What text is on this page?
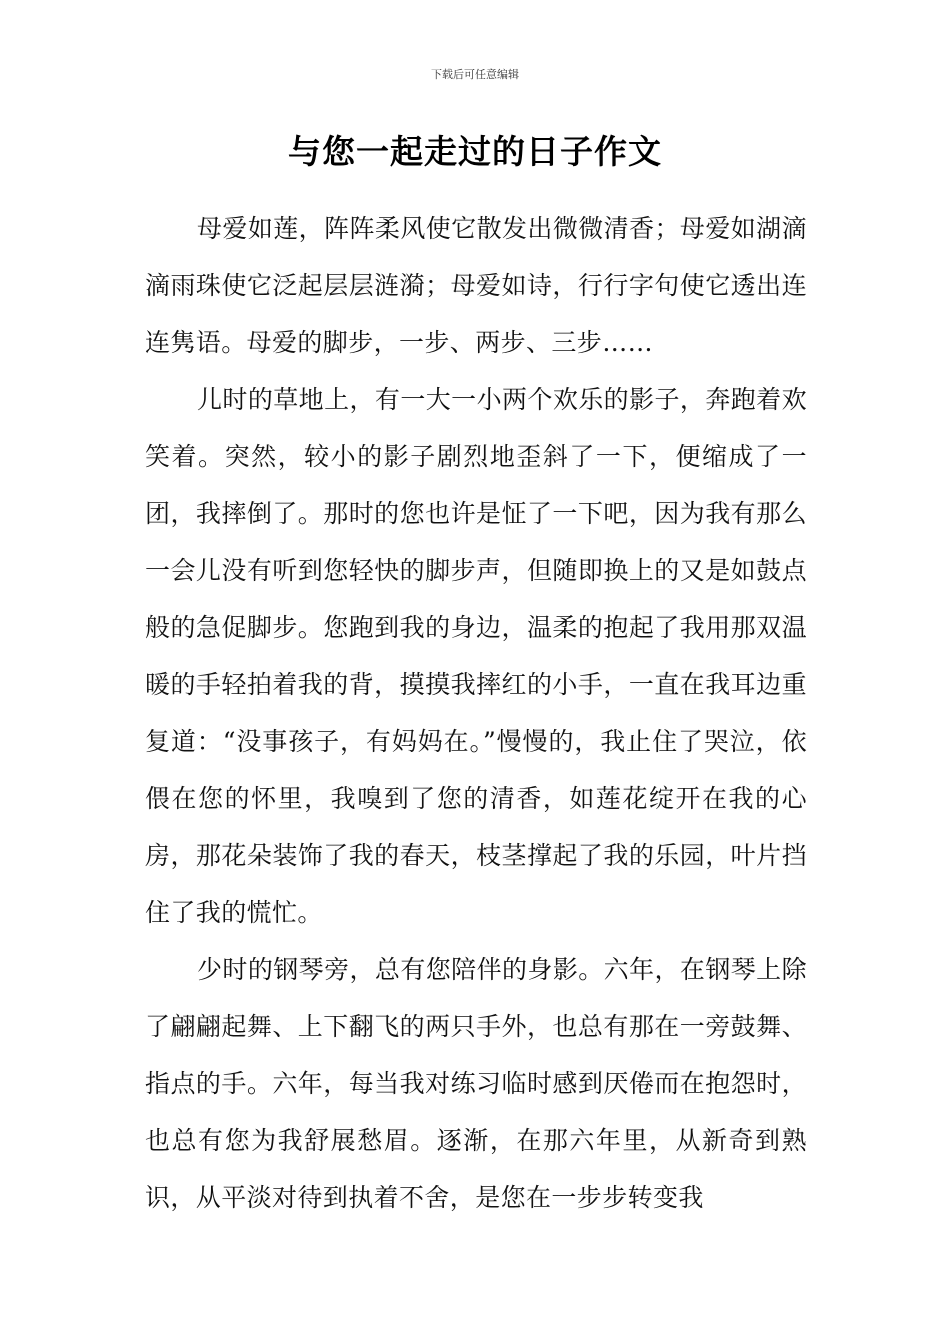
下载后可任意编辑
与您一起走过的日子作文

母爱如莲，阵阵柔风使它散发出微微清香；母爱如湖滴滴雨珠使它泛起层层涟漪；母爱如诗，行行字句使它透出连连隽语。母爱的脚步，一步、两步、三步……

儿时的草地上，有一大一小两个欢乐的影子，奔跑着欢笑着。突然，较小的影子剧烈地歪斜了一下，便缩成了一团，我摔倒了。那时的您也许是怔了一下吧，因为我有那么一会儿没有听到您轻快的脚步声，但随即换上的又是如鼓点般的急促脚步。您跑到我的身边，温柔的抱起了我用那双温暖的手轻拍着我的背，摸摸我摔红的小手，一直在我耳边重复道：“没事孩子，有妈妈在。”慢慢的，我止住了哭泣，依偎在您的怀里，我嗅到了您的清香，如莲花绽开在我的心房，那花朵装饰了我的春天，枝茎撑起了我的乐园，叶片挡住了我的慌忙。

少时的钢琴旁，总有您陪伴的身影。六年，在钢琴上除了翩翩起舞、上下翻飞的两只手外，也总有那在一旁鼓舞、指点的手。六年，每当我对练习临时感到厌倦而在抱怨时，也总有您为我舒展愁眉。逐渐，在那六年里，从新奇到熟识，从平淡对待到执着不舍，是您在一步步转变我
